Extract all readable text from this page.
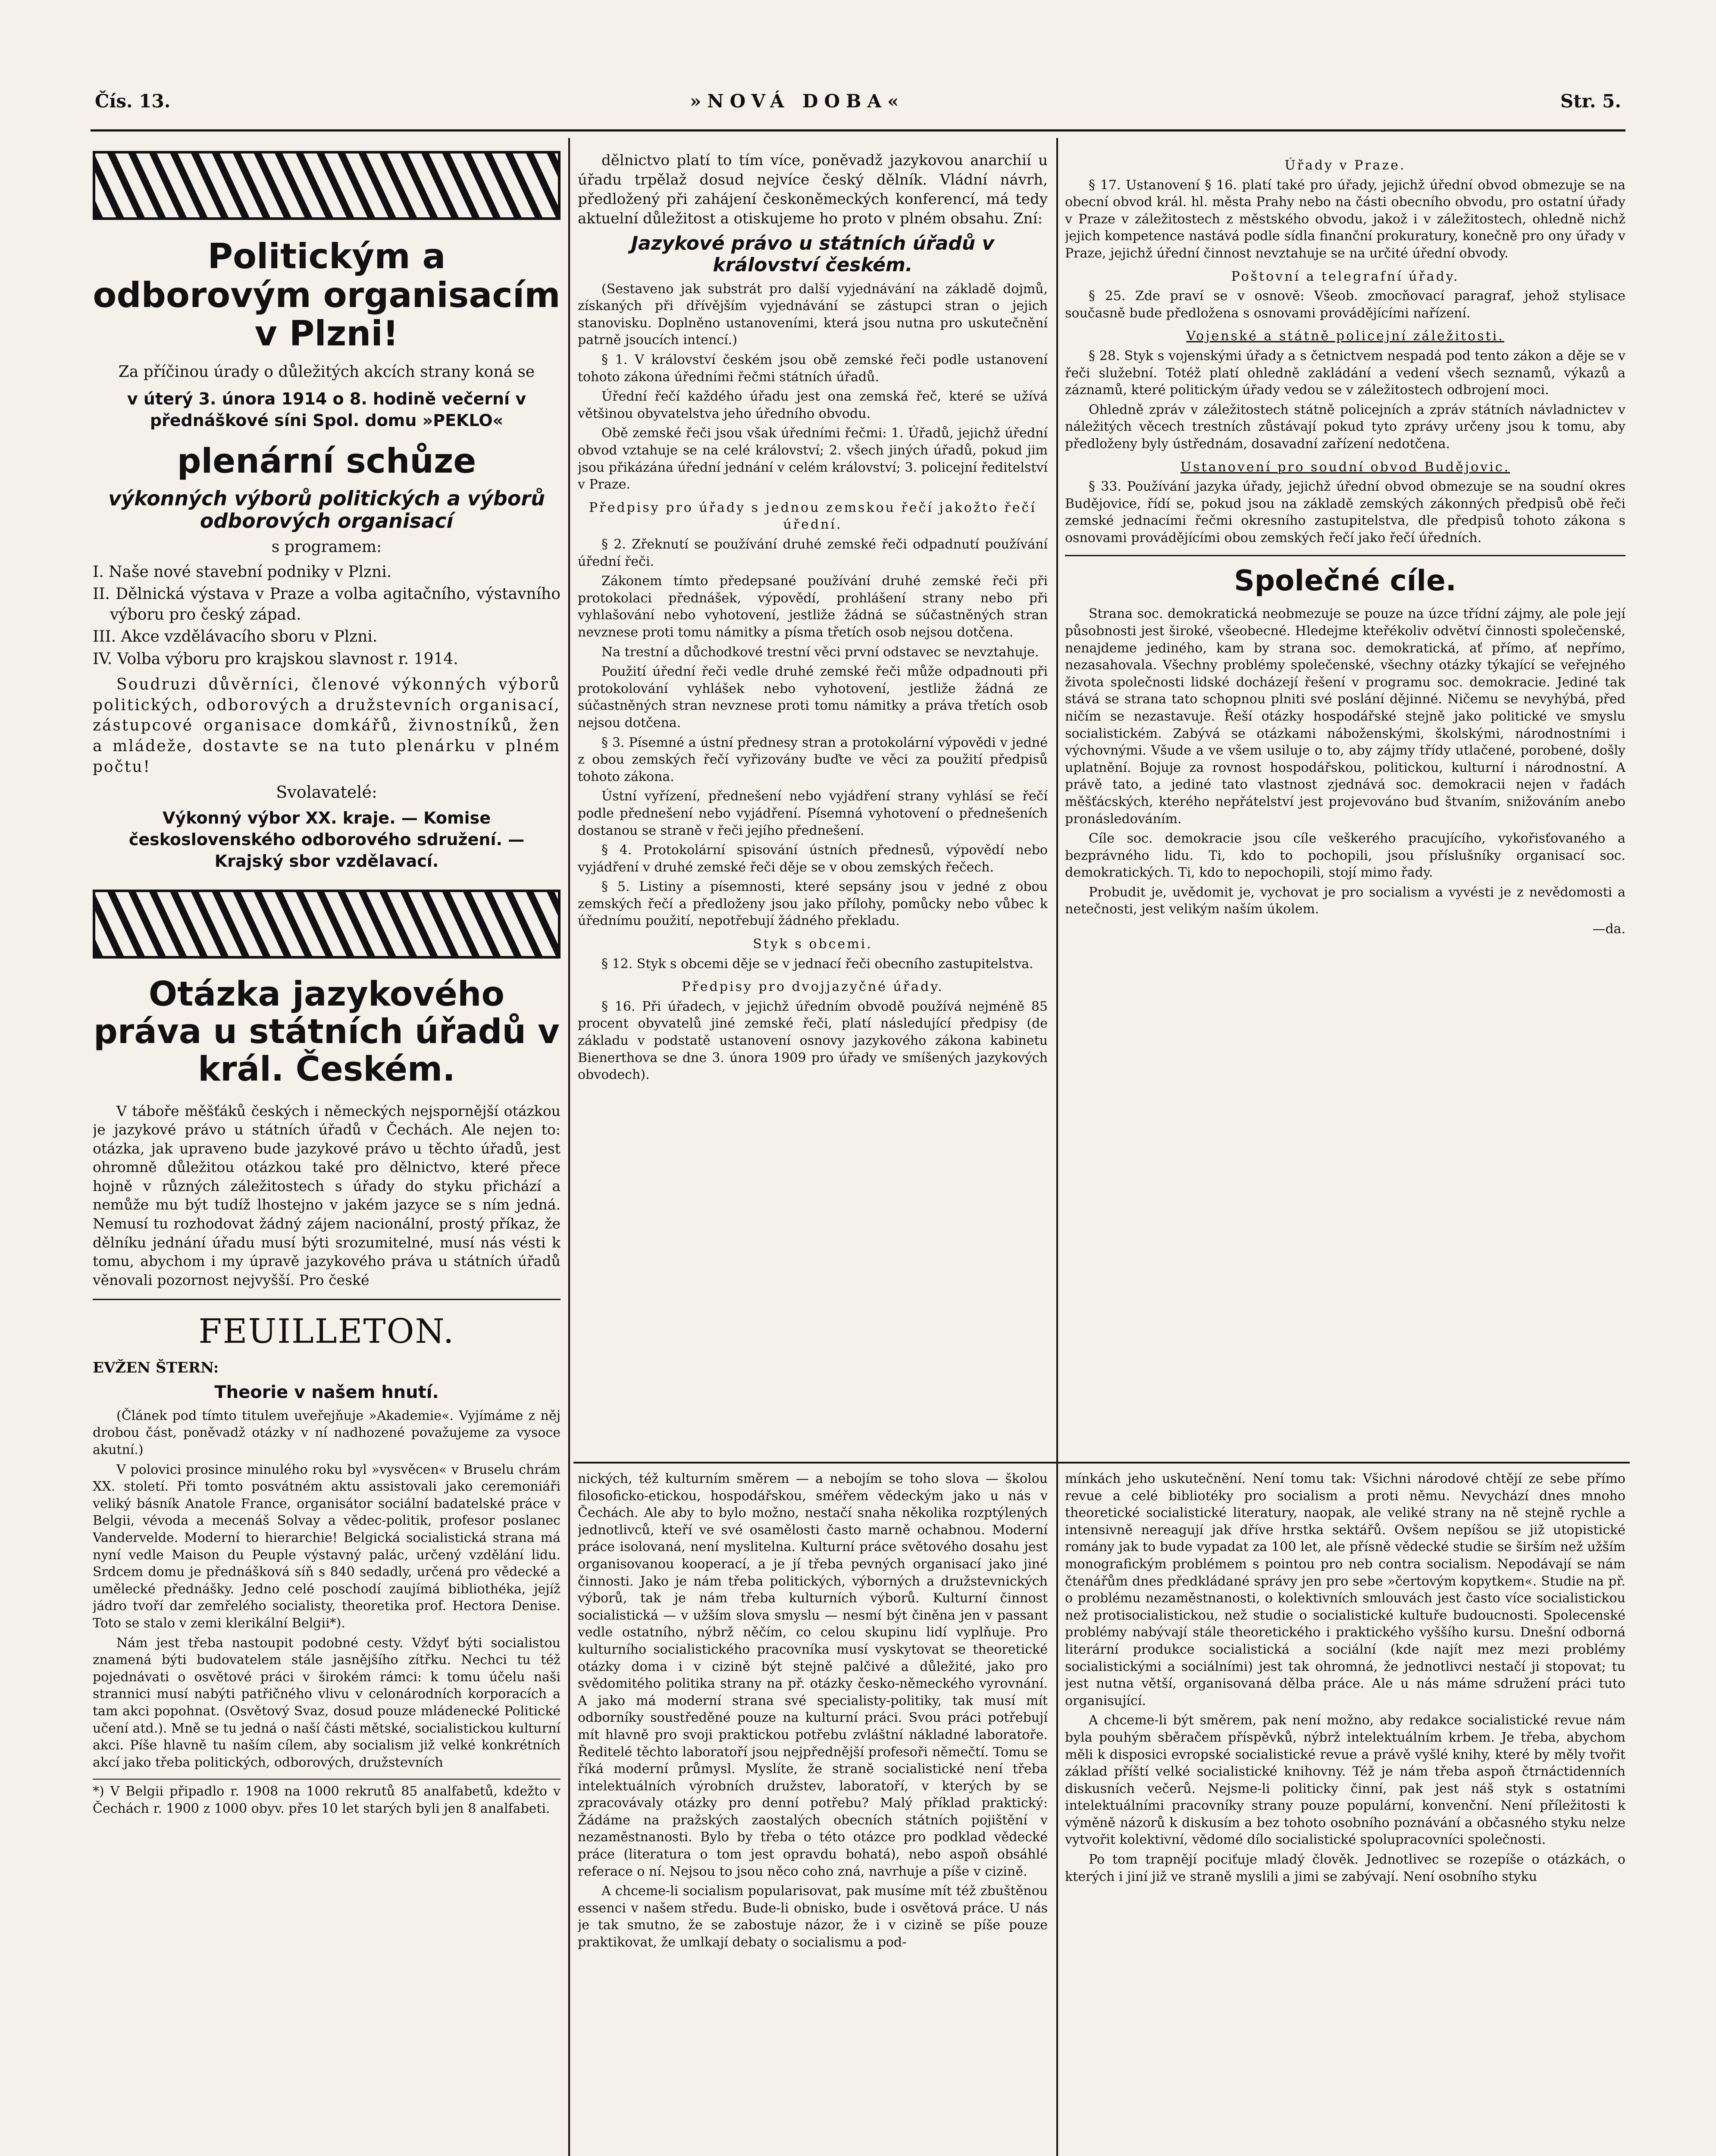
Čís. 13.	»NOVÁ DOBA«	Str. 5.
Politickým a odborovým organisacím v Plzni!
Za příčinou úrady o důležitých akcích strany koná se
v úterý 3. února 1914 o 8. hodině večerní v přednáškové síni Spol. domu »PEKLO«
plenární schůze
výkonných výborů politických a výborů odborových organisací
s programem:
I. Naše nové stavební podniky v Plzni.
II. Dělnická výstava v Praze a volba agitačního, výstavního výboru pro český západ.
III. Akce vzdělávacího sboru v Plzni.
IV. Volba výboru pro krajskou slavnost r. 1914.

Soudruzi důvěrníci, členové výkonných výborů politických, odborových a družstevních organisací, zástupcové organisace domkářů, živnostníků, žen a mládeže, dostavte se na tuto plenárku v plném počtu!

Svolavatelé:
Výkonný výbor XX. kraje. — Komise československého odborového sdružení. — Krajský sbor vzdělavací.
Otázka jazykového práva u státních úřadů v král. Českém.

V táboře měšťáků českých i německých nejspornější otázkou je jazykové právo u státních úřadů v Čechách. Ale nejen to: otázka, jak upraveno bude jazykové právo u těchto úřadů, jest ohromně důležitou otázkou také pro dělnictvo, které přece hojně v různých záležitostech s úřady do styku přichází a nemůže mu být tudíž lhostejno v jakém jazyce se s ním jedná. Nemusí tu rozhodovat žádný zájem nacionální, prostý příkaz, že dělníku jednání úřadu musí býti srozumitelné, musí nás vésti k tomu, abychom i my úpravě jazykového práva u státních úřadů věnovali pozornost nejvyšší. Pro české

FEUILLETON.
EVŽEN ŠTERN:
Theorie v našem hnutí.

(Článek pod tímto titulem uveřejňuje »Akademie«. Vyjímáme z něj drobou část, poněvadž otázky v ní nadhozené považujeme za vysoce akutní.)

V polovici prosince minulého roku byl »vysvěcen« v Bruselu chrám XX. století. Při tomto posvátném aktu assistovali jako ceremoniáři veliký básník Anatole France, organisátor sociální badatelské práce v Belgii, vévoda a mecenáš Solvay a vědec-politik, profesor poslanec Vandervelde. Moderní to hierarchie! Belgická socialistická strana má nyní vedle Maison du Peuple výstavný palác, určený vzdělání lidu. Srdcem domu je přednášková síň s 840 sedadly, určená pro vědecké a umělecké přednášky. Jedno celé poschodí zaujímá bibliothéka, jejíž jádro tvoří dar zemřelého socialisty, theoretika prof. Hectora Denise. Toto se stalo v zemi klerikální Belgii*).

Nám jest třeba nastoupit podobné cesty. Vždyť býti socialistou znamená býti budovatelem stále jasnějšího zítřku. Nechci tu též pojednávati o osvětové práci v širokém rámci: k tomu účelu naši strannici musí nabýti patřičného vlivu v celonárodních korporacích a tam akci popohnat. (Osvětový Svaz, dosud pouze mládenecké Politické učení atd.). Mně se tu jedná o naší části mětské, socialistickou kulturní akci. Píše hlavně tu naším cílem, aby socialism již velké konkrétních akcí jako třeba politických, odborových, družstevních

*) V Belgii připadlo r. 1908 na 1000 rekrutů 85 analfabetů, kdežto v Čechách r. 1900 z 1000 obyv. přes 10 let starých byli jen 8 analfabeti.

dělnictvo platí to tím více, poněvadž jazykovou anarchií u úřadu trpělaž dosud nejvíce český dělník. Vládní návrh, předložený při zahájení českoněmeckých konferencí, má tedy aktuelní důležitost a otiskujeme ho proto v plném obsahu. Zní:

Jazykové právo u státních úřadů v království českém.

(Sestaveno jak substrát pro další vyjednávání na základě dojmů, získaných při dřívějším vyjednávání se zástupci stran o jejich stanovisku. Doplněno ustanoveními, která jsou nutna pro uskutečnění patrně jsoucích intencí.)

§ 1. V království českém jsou obě zemské řeči podle ustanovení tohoto zákona úředními řečmi státních úřadů.

Úřední řečí každého úřadu jest ona zemská řeč, které se užívá většinou obyvatelstva jeho úředního obvodu.

Obě zemské řeči jsou však úředními řečmi: 1. Úřadů, jejichž úřední obvod vztahuje se na celé království; 2. všech jiných úřadů, pokud jim jsou přikázána úřední jednání v celém království; 3. policejní ředitelství v Praze.

Předpisy pro úřady s jednou zemskou řečí jakožto řečí úřední.

§ 2. Zřeknutí se používání druhé zemské řeči odpadnutí používání úřední řeči.

Zákonem tímto předepsané používání druhé zemské řeči při protokolaci přednášek, výpovědí, prohlášení strany nebo při vyhlašování nebo vyhotovení, jestliže žádná se súčastněných stran nevznese proti tomu námitky a písma třetích osob nejsou dotčena.

Na trestní a důchodkové trestní věci první odstavec se nevztahuje.

Použití úřední řeči vedle druhé zemské řeči může odpadnouti při protokolování vyhlášek nebo vyhotovení, jestliže žádná ze súčastněných stran nevznese proti tomu námitky a práva třetích osob nejsou dotčena.

§ 3. Písemné a ústní přednesy stran a protokolární výpovědi v jedné z obou zemských řečí vyřizovány buďte ve věci za použití předpisů tohoto zákona.

Ústní vyřízení, přednešení nebo vyjádření strany vyhlásí se řečí podle přednešení nebo vyjádření. Písemná vyhotovení o přednešeních dostanou se straně v řeči jejího přednešení.

§ 4. Protokolární spisování ústních přednesů, výpovědí nebo vyjádření v druhé zemské řeči děje se v obou zemských řečech.

§ 5. Listiny a písemnosti, které sepsány jsou v jedné z obou zemských řečí a předloženy jsou jako přílohy, pomůcky nebo vůbec k úřednímu použití, nepotřebují žádného překladu.

Styk s obcemi.

§ 12. Styk s obcemi děje se v jednací řeči obecního zastupitelstva.

Předpisy pro dvojjazyčné úřady.

§ 16. Při úřadech, v jejichž úředním obvodě používá nejméně 85 procent obyvatelů jiné zemské řeči, platí následující předpisy (de základu v podstatě ustanovení osnovy jazykového zákona kabinetu Bienerthova se dne 3. února 1909 pro úřady ve smíšených jazykových obvodech).

Úřady v Praze.

§ 17. Ustanovení § 16. platí také pro úřady, jejichž úřední obvod obmezuje se na obecní obvod král. hl. města Prahy nebo na části obecního obvodu, pro ostatní úřady v Praze v záležitostech z městského obvodu, jakož i v záležitostech, ohledně nichž jejich kompetence nastává podle sídla finanční prokuratury, konečně pro ony úřady v Praze, jejichž úřední činnost nevztahuje se na určité úřední obvody.

Poštovní a telegrafní úřady.

§ 25. Zde praví se v osnově: Všeob. zmocňovací paragraf, jehož stylisace současně bude předložena s osnovami provádějícími nařízení.

Vojenské a státně policejní záležitosti.

§ 28. Styk s vojenskými úřady a s četnictvem nespadá pod tento zákon a děje se v řeči služební. Totéž platí ohledně zakládání a vedení všech seznamů, výkazů a záznamů, které politickým úřady vedou se v záležitostech odbrojení moci.

Ohledně zpráv v záležitostech státně policejních a zpráv státních návladnictev v náležitých věcech trestních zůstávají pokud tyto zprávy určeny jsou k tomu, aby předloženy byly ústřednám, dosavadní zařízení nedotčena.

Ustanovení pro soudní obvod Budějovic.

§ 33. Používání jazyka úřady, jejichž úřední obvod obmezuje se na soudní okres Budějovice, řídí se, pokud jsou na základě zemských zákonných předpisů obě řeči zemské jednacími řečmi okresního zastupitelstva, dle předpisů tohoto zákona s osnovami provádějícími obou zemských řečí jako řečí úředních.

Společné cíle.

Strana soc. demokratická neobmezuje se pouze na úzce třídní zájmy, ale pole její působnosti jest široké, všeobecné. Hledejme kteřékoliv odvětví činnosti společenské, nenajdeme jediného, kam by strana soc. demokratická, ať přímo, ať nepřímo, nezasahovala. Všechny problémy společenské, všechny otázky týkající se veřejného života společnosti lidské docházejí řešení v programu soc. demokracie. Jediné tak stává se strana tato schopnou plniti své poslání dějinné. Ničemu se nevyhýbá, před ničím se nezastavuje. Řeší otázky hospodářské stejně jako politické ve smyslu socialistickém. Zabývá se otázkami náboženskými, školskými, národnostními i výchovnými. Všude a ve všem usiluje o to, aby zájmy třídy utlačené, porobené, došly uplatnění. Bojuje za rovnost hospodářskou, politickou, kulturní i národnostní. A právě tato, a jediné tato vlastnost zjednává soc. demokracii nejen v řadách měšťácských, kterého nepřátelství jest projevováno bud štvaním, snižováním anebo pronásledováním.

Cíle soc. demokracie jsou cíle veškerého pracujícího, vykořisťovaného a bezprávného lidu. Ti, kdo to pochopili, jsou příslušníky organisací soc. demokratických. Ti, kdo to nepochopili, stojí mimo řady.

Probudit je, uvědomit je, vychovat je pro socialism a vyvésti je z nevědomosti a netečnosti, jest velikým naším úkolem.

—da.

nických, též kulturním směrem — a nebojím se toho slova — školou filosoficko-etickou, hospodářskou, sméřem vědeckým jako u nás v Čechách. Ale aby to bylo možno, nestačí snaha několika rozptýlených jednotlivců, kteří ve své osamělosti často marně ochabnou. Moderní práce isolovaná, není myslitelna. Kulturní práce světového dosahu jest organisovanou kooperací, a je jí třeba pevných organisací jako jiné činnosti. Jako je nám třeba politických, výborných a družstevnických výborů, tak je nám třeba kulturních výborů. Kulturní činnost socialistická — v užším slova smyslu — nesmí být činěna jen v passant vedle ostatního, nýbrž něčím, co celou skupinu lidí vyplňuje. Pro kulturního socialistického pracovníka musí vyskytovat se theoretické otázky doma i v cizině být stejně palčivé a důležité, jako pro svědomitého politika strany na př. otázky česko-německého vyrovnání. A jako má moderní strana své specialisty-politiky, tak musí mít odborníky soustředěné pouze na kulturní práci. Svou práci potřebují mít hlavně pro svoji praktickou potřebu zvláštní nákladné laboratoře. Ředitelé těchto laboratoří jsou nejpřednější profesoři němečtí. Tomu se říká moderní průmysl. Myslíte, že straně socialistické není třeba intelektuálních výrobních družstev, laboratoří, v kterých by se zpracovávaly otázky pro denní potřebu? Malý příklad praktický: Žádáme na pražských zaostalých obecních státních pojištění v nezaměstnanosti. Bylo by třeba o této otázce pro podklad vědecké práce (literatura o tom jest opravdu bohatá), nebo aspoň obsáhlé referace o ní. Nejsou to jsou něco coho zná, navrhuje a píše v cizině.

A chceme-li socialism popularisovat, pak musíme mít též zbuštěnou essenci v našem středu. Bude-li obnisko, bude i osvětová práce. U nás je tak smutno, že se zabostuje názor, že i v cizině se píše pouze praktikovat, že umlkají debaty o socialismu a pod-

mínkách jeho uskutečnění. Není tomu tak: Všichni národové chtějí ze sebe přímo revue a celé bibliotéky pro socialism a proti němu. Nevychází dnes mnoho theoretické socialistické literatury, naopak, ale veliké strany na ně stejně rychle a intensivně nereagují jak dříve hrstka sektářů. Ovšem nepíšou se již utopistické romány jak to bude vypadat za 100 let, ale přísně vědecké studie se širším než užším monografickým problémem s pointou pro neb contra socialism. Nepodávají se nám čtenářům dnes předkládané správy jen pro sebe »čertovým kopytkem«. Studie na př. o problému nezaměstnanosti, o kolektivních smlouvách jest často více socialistickou než protisocialistickou, než studie o socialistické kultuře budoucnosti. Spolecenské problémy nabývají stále theoretického i praktického vyššího kursu. Dnešní odborná literární produkce socialistická a sociální (kde najít mez mezi problémy socialistickými a sociálními) jest tak ohromná, že jednotlivci nestačí ji stopovat; tu jest nutna větší, organisovaná dělba práce. Ale u nás máme sdružení práci tuto organisující.

A chceme-li být směrem, pak není možno, aby redakce socialistické revue nám byla pouhým sběračem příspěvků, nýbrž intelektuálním krbem. Je třeba, abychom měli k disposici evropské socialistické revue a právě vyšlé knihy, které by měly tvořit základ příští velké socialistické knihovny. Též je nám třeba aspoň čtrnáctidenních diskusních večerů. Nejsme-li politicky činní, pak jest náš styk s ostatními intelektuálními pracovníky strany pouze populární, konvenční. Není příležitosti k výměně názorů k diskusím a bez tohoto osobního poznávání a občasného styku nelze vytvořit kolektivní, vědomé dílo socialistické spolupracovníci společnosti.

Po tom trapnějí pociťuje mladý člověk. Jednotlivec se rozepíše o otázkách, o kterých i jiní již ve straně myslili a jimi se zabývají. Není osobního styku
